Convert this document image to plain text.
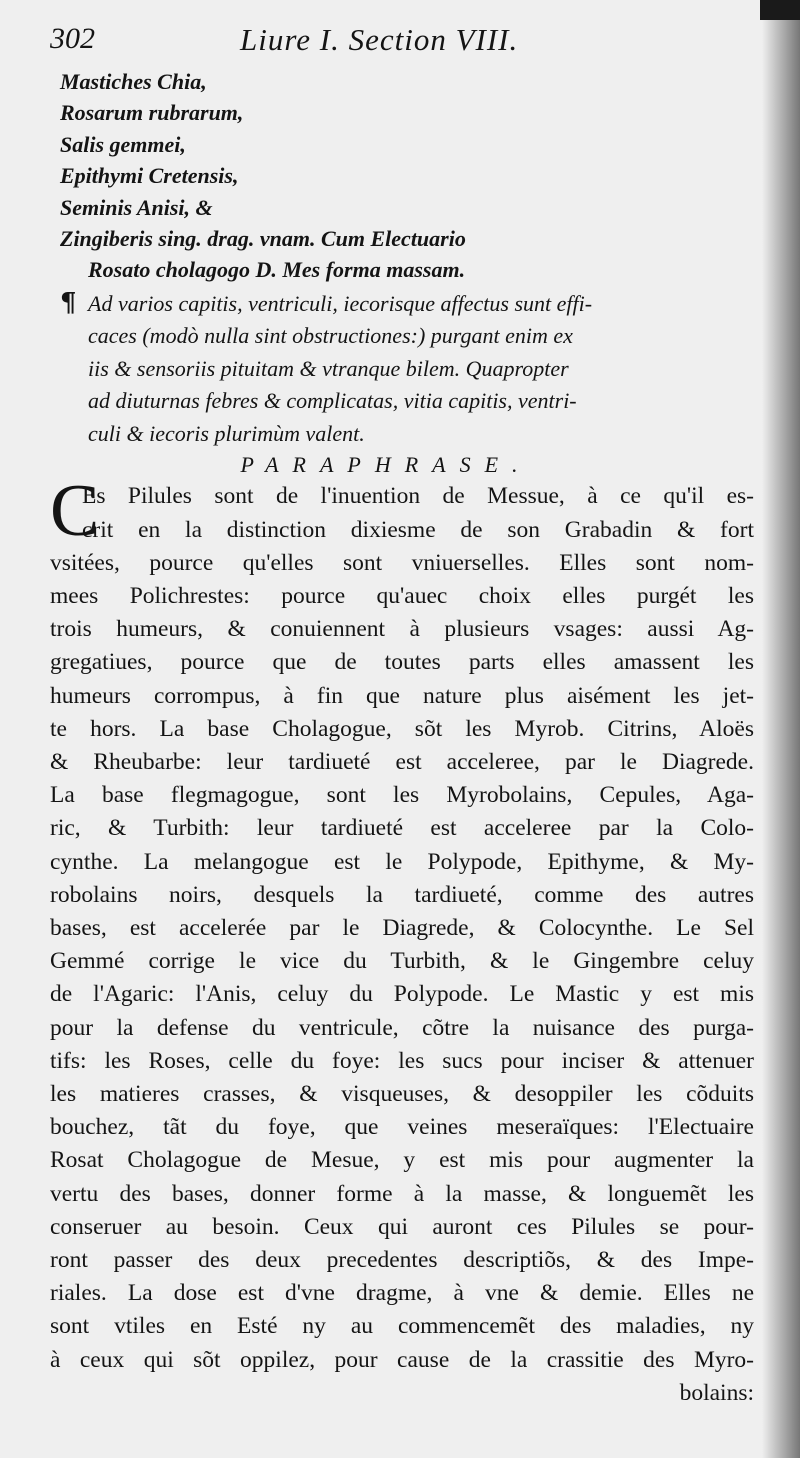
302	Liure I. Section VIII.
Mastiches Chia,
Rosarum rubrarum,
Salis gemmei,
Epithymi Cretensis,
Seminis Anisi, &
Zingiberis sing. drag. vnam. Cum Electuario
Rosato cholagogo D. Mes forma massam.
¶ Ad varios capitis, ventriculi, iecorisque affectus sunt effi-
caces (modò nulla sint obstructiones:) purgant enim ex
iis & sensoriis pituitam & vtranque bilem. Quapropter
ad diuturnas febres & complicatas, vitia capitis, ventri-
culi & iecoris plurimùm valent.
PARAPHRASE.
C
Es Pilules sont de l'inuention de Messue, à ce qu'il es-
crit en la distinction dixiesme de son Grabadin & fort
vsitées, pource qu'elles sont vniuerselles. Elles sont nom-
mees Polichrestes: pource qu'auec choix elles purgét les
trois humeurs, & conuiennent à plusieurs vsages: aussi Ag-
gregatiues, pource que de toutes parts elles amassent les
humeurs corrompus, à fin que nature plus aisément les jet-
te hors. La base Cholagogue, sõt les Myrob. Citrins, Aloës
& Rheubarbe: leur tardiueté est acceleree, par le Diagrede.
La base flegmagogue, sont les Myrobolains, Cepules, Aga-
ric, & Turbith: leur tardiueté est acceleree par la Colo-
cynthe. La melangogue est le Polypode, Epithyme, & My-
robolains noirs, desquels la tardiueté, comme des autres
bases, est accelerée par le Diagrede, & Colocynthe. Le Sel
Gemmé corrige le vice du Turbith, & le Gingembre celuy
de l'Agaric: l'Anis, celuy du Polypode. Le Mastic y est mis
pour la defense du ventricule, cõtre la nuisance des purga-
tifs: les Roses, celle du foye: les sucs pour inciser & attenuer
les matieres crasses, & visqueuses, & desoppiler les cõduits
bouchez, tãt du foye, que veines meseraïques: l'Electuaire
Rosat Cholagogue de Mesue, y est mis pour augmenter la
vertu des bases, donner forme à la masse, & longuemẽt les
conseruer au besoin. Ceux qui auront ces Pilules se pour-
ront passer des deux precedentes descriptiõs, & des Impe-
riales. La dose est d'vne dragme, à vne & demie. Elles ne
sont vtiles en Esté ny au commencemẽt des maladies, ny
à ceux qui sõt oppilez, pour cause de la crassitie des Myro-
bolains:
